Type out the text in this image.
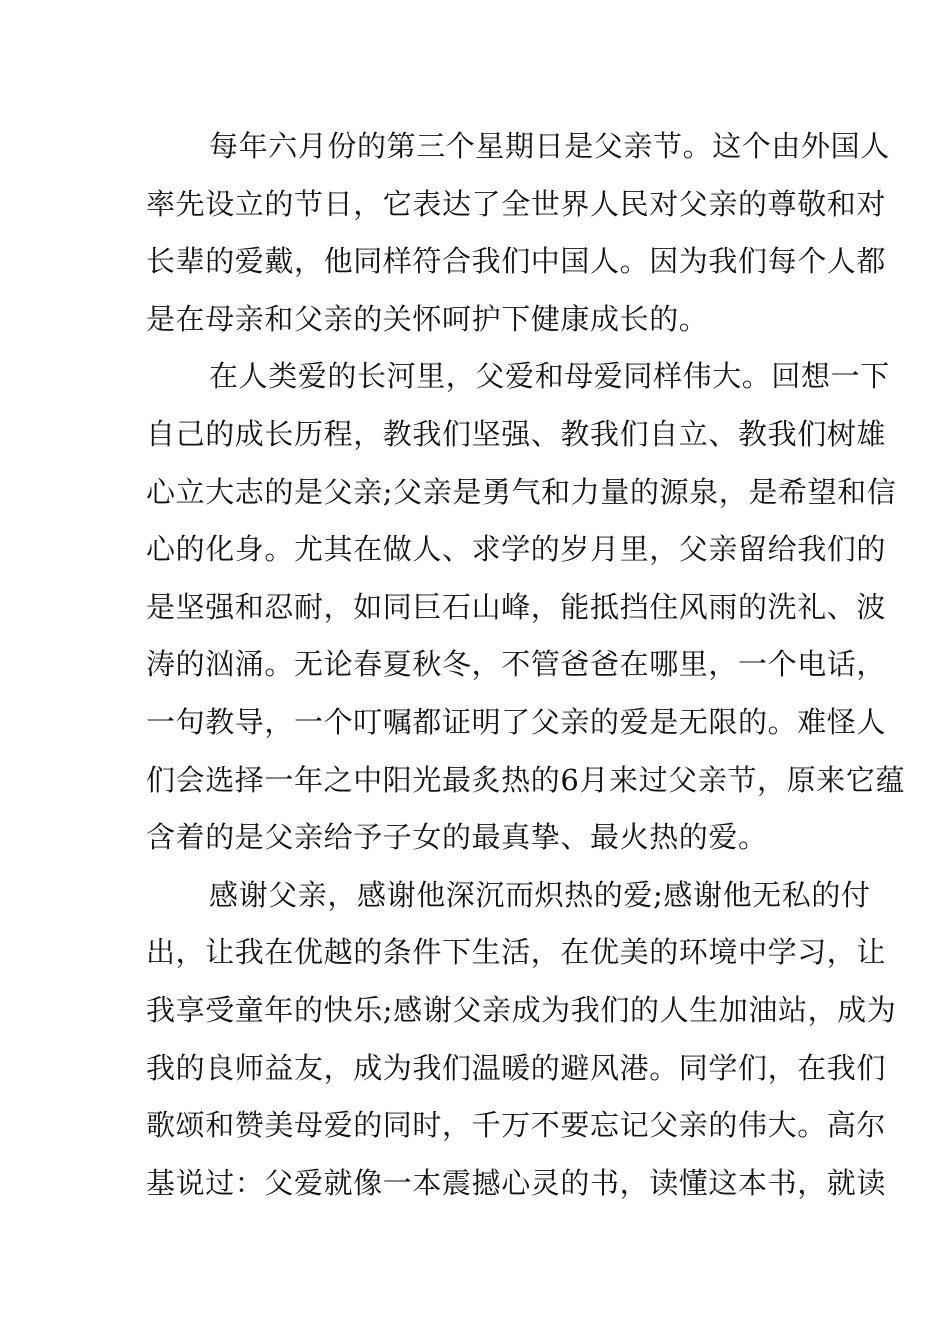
每年六月份的第三个星期日是父亲节。这个由外国人
率先设立的节日，它表达了全世界人民对父亲的尊敬和对
长辈的爱戴，他同样符合我们中国人。因为我们每个人都
是在母亲和父亲的关怀呵护下健康成长的。
在人类爱的长河里，父爱和母爱同样伟大。回想一下
自己的成长历程，教我们坚强、教我们自立、教我们树雄
心立大志的是父亲;父亲是勇气和力量的源泉，是希望和信
心的化身。尤其在做人、求学的岁月里，父亲留给我们的
是坚强和忍耐，如同巨石山峰，能抵挡住风雨的洗礼、波
涛的汹涌。无论春夏秋冬，不管爸爸在哪里，一个电话，
一句教导，一个叮嘱都证明了父亲的爱是无限的。难怪人
们会选择一年之中阳光最炙热的6月来过父亲节，原来它蕴
含着的是父亲给予子女的最真挚、最火热的爱。
感谢父亲，感谢他深沉而炽热的爱;感谢他无私的付
出，让我在优越的条件下生活，在优美的环境中学习，让
我享受童年的快乐;感谢父亲成为我们的人生加油站，成为
我的良师益友，成为我们温暖的避风港。同学们，在我们
歌颂和赞美母爱的同时，千万不要忘记父亲的伟大。高尔
基说过：父爱就像一本震撼心灵的书，读懂这本书，就读
